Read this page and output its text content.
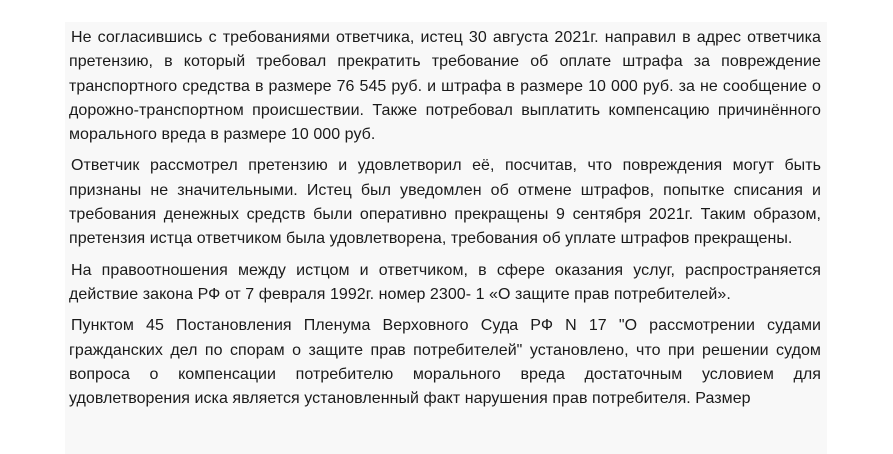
Не согласившись с требованиями ответчика, истец 30 августа 2021г. направил в адрес ответчика претензию, в который требовал прекратить требование об оплате штрафа за повреждение транспортного средства в размере 76 545 руб. и штрафа в размере 10 000 руб. за не сообщение о дорожно-транспортном происшествии. Также потребовал выплатить компенсацию причинённого морального вреда в размере 10 000 руб.

Ответчик рассмотрел претензию и удовлетворил её, посчитав, что повреждения могут быть признаны не значительными. Истец был уведомлен об отмене штрафов, попытке списания и требования денежных средств были оперативно прекращены 9 сентября 2021г. Таким образом, претензия истца ответчиком была удовлетворена, требования об уплате штрафов прекращены.

На правоотношения между истцом и ответчиком, в сфере оказания услуг, распространяется действие закона РФ от 7 февраля 1992г. номер 2300- 1 «О защите прав потребителей».

Пунктом 45 Постановления Пленума Верховного Суда РФ N 17 "О рассмотрении судами гражданских дел по спорам о защите прав потребителей" установлено, что при решении судом вопроса о компенсации потребителю морального вреда достаточным условием для удовлетворения иска является установленный факт нарушения прав потребителя. Размер
